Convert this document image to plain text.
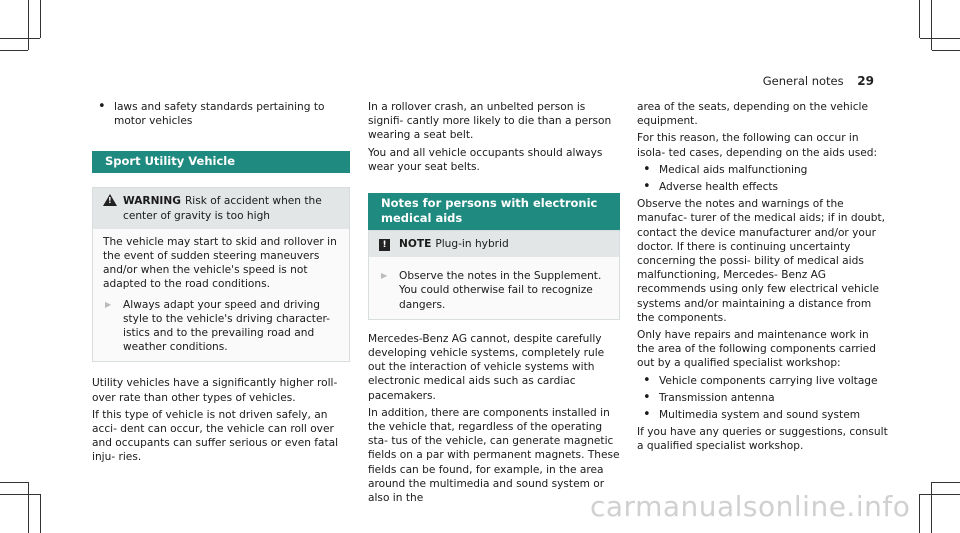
General notes 29
• laws and safety standards pertaining to motor vehicles
Sport Utility Vehicle
! WARNING Risk of accident when the center of gravity is too high

The vehicle may start to skid and rollover in the event of sudden steering maneuvers and/or when the vehicle's speed is not adapted to the road conditions.

▶ Always adapt your speed and driving style to the vehicle's driving character- istics and to the prevailing road and weather conditions.

Utility vehicles have a significantly higher roll- over rate than other types of vehicles.

If this type of vehicle is not driven safely, an acci- dent can occur, the vehicle can roll over and occupants can suffer serious or even fatal inju- ries.

In a rollover crash, an unbelted person is signifi- cantly more likely to die than a person wearing a seat belt.

You and all vehicle occupants should always wear your seat belts.

Notes for persons with electronic medical aids
!	NOTE Plug-in hybrid
▶ Observe the notes in the Supplement. You could otherwise fail to recognize dangers.

Mercedes-Benz AG cannot, despite carefully developing vehicle systems, completely rule out the interaction of vehicle systems with electronic medical aids such as cardiac pacemakers.

In addition, there are components installed in the vehicle that, regardless of the operating sta- tus of the vehicle, can generate magnetic fields on a par with permanent magnets. These fields can be found, for example, in the area around the multimedia and sound system or also in the

area of the seats, depending on the vehicle equipment.

For this reason, the following can occur in isola- ted cases, depending on the aids used:

• Medical aids malfunctioning
• Adverse health effects

Observe the notes and warnings of the manufac- turer of the medical aids; if in doubt, contact the device manufacturer and/or your doctor. If there is continuing uncertainty concerning the possi- bility of medical aids malfunctioning, Mercedes- Benz AG recommends using only few electrical vehicle systems and/or maintaining a distance from the components.

Only have repairs and maintenance work in the area of the following components carried out by a qualified specialist workshop:

• Vehicle components carrying live voltage
• Transmission antenna
• Multimedia system and sound system

If you have any queries or suggestions, consult a qualified specialist workshop.

carmanualsonline.info
